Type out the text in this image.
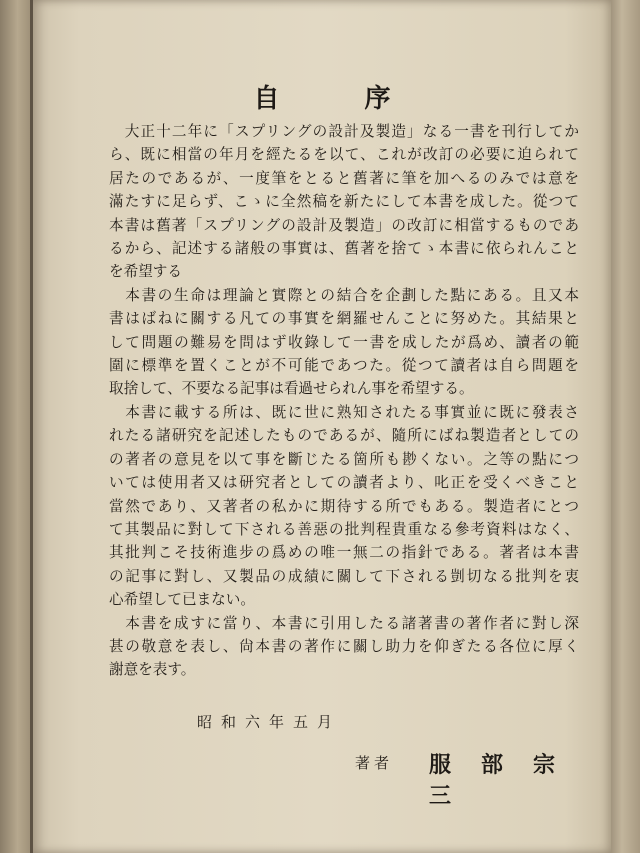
自 序
　大正十二年に「スプリングの設計及製造」なる一書を刊行してか
ら、既に相當の年月を經たるを以て、これが改訂の必要に迫られて
居たのであるが、一度筆をとると舊著に筆を加へるのみでは意を
滿たすに足らず、こゝに全然稿を新たにして本書を成した。從つて
本書は舊著「スプリングの設計及製造」の改訂に相當するものであ
るから、記述する諸般の事實は、舊著を捨てゝ本書に依られんこと
を希望する
　本書の生命は理論と實際との結合を企劃した點にある。且又本
書はばねに關する凡ての事實を網羅せんことに努めた。其結果と
して問題の難易を問はず收錄して一書を成したが爲め、讀者の範
圍に標準を置くことが不可能であつた。從つて讀者は自ら問題を
取捨して、不要なる記事は看過せられん事を希望する。
　本書に載する所は、既に世に熟知されたる事實並に既に發表さ
れたる諸研究を記述したものであるが、隨所にばね製造者としての
の著者の意見を以て事を斷じたる箇所も尠くない。之等の點につ
いては使用者又は研究者としての讀者より、叱正を受くべきこと
當然であり、又著者の私かに期待する所でもある。製造者にとつ
て其製品に對して下される善惡の批判程貴重なる參考資料はなく、
其批判こそ技術進步の爲めの唯一無二の指針である。著者は本書
の記事に對し、又製品の成績に關して下される剴切なる批判を衷
心希望して已まない。
　本書を成すに當り、本書に引用したる諸著書の著作者に對し深
甚の敬意を表し、尙本書の著作に關し助力を仰ぎたる各位に厚く
謝意を表す。
昭和六年五月
著者 服部宗三
